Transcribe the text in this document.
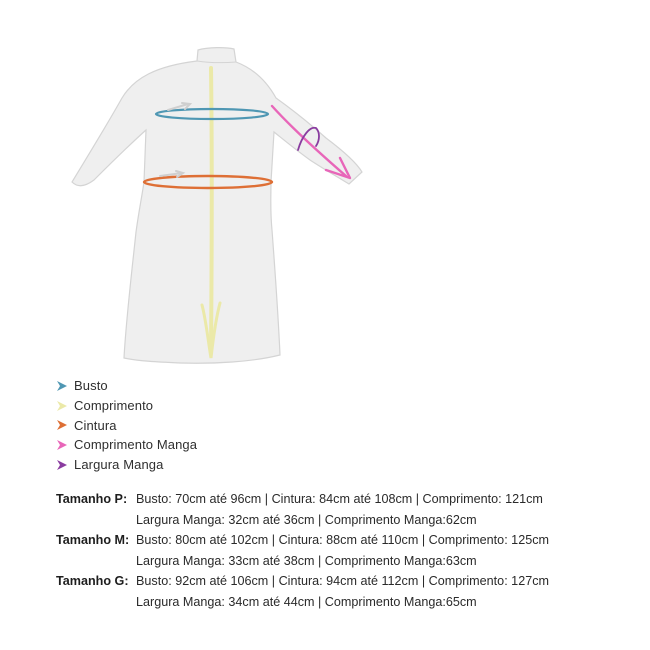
Busto
Comprimento
Cintura
Comprimento Manga
Largura Manga
Tamanho P: Busto: 70cm até 96cm | Cintura: 84cm até 108cm | Comprimento: 121cm
Largura Manga: 32cm até 36cm | Comprimento Manga:62cm
Tamanho M: Busto: 80cm até 102cm | Cintura: 88cm até 110cm | Comprimento: 125cm
Largura Manga: 33cm até 38cm | Comprimento Manga:63cm
Tamanho G: Busto: 92cm até 106cm | Cintura: 94cm até 112cm | Comprimento: 127cm
Largura Manga: 34cm até 44cm | Comprimento Manga:65cm
